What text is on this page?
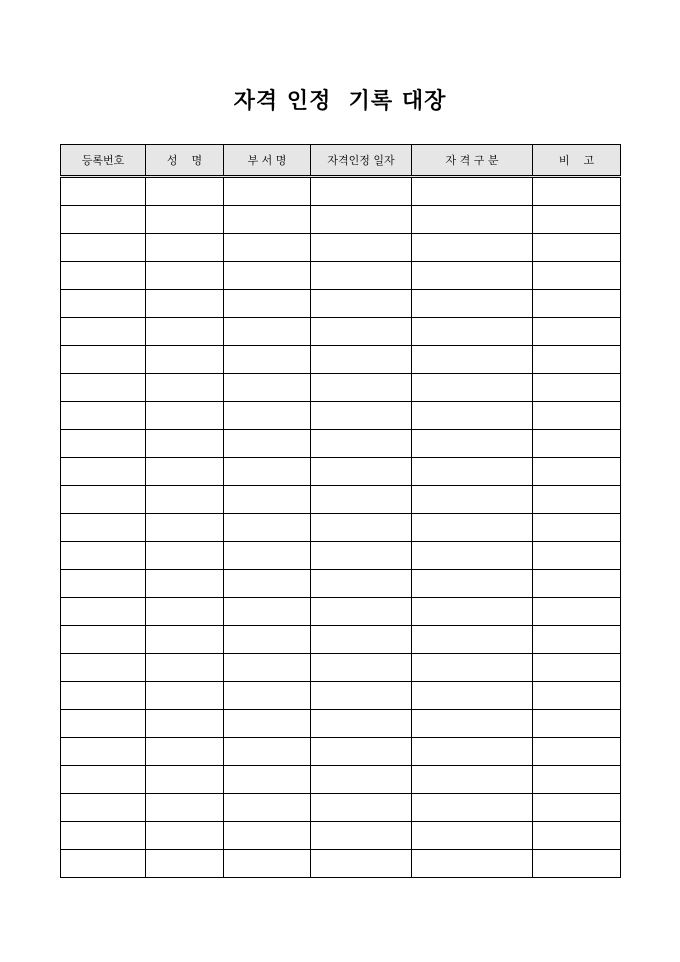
자격 인정  기록 대장
등록번호	성    명	부 서 명	자격인정 일자	자 격 구 분	비    고
